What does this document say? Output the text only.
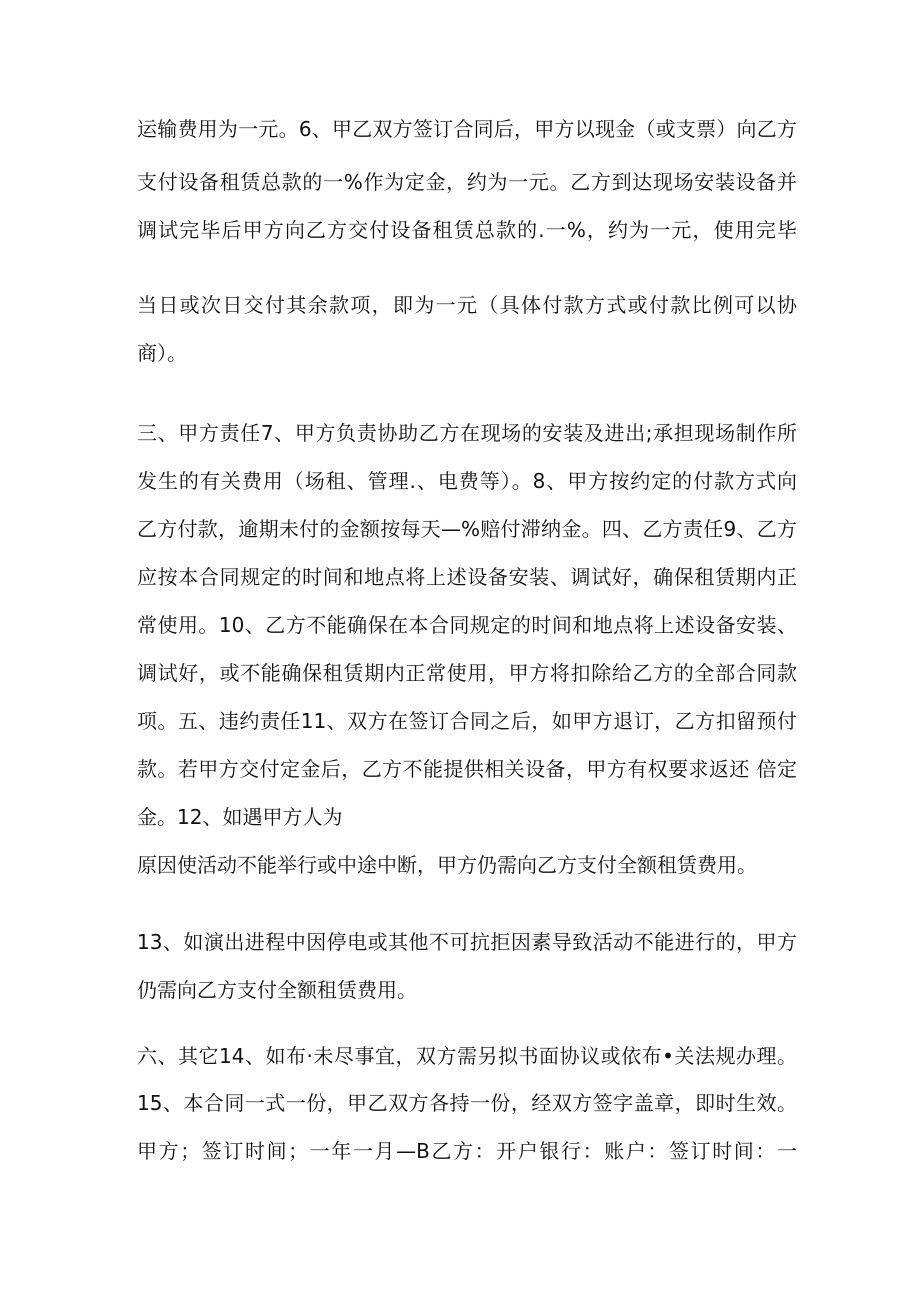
运输费用为一元。6、甲乙双方签订合同后，甲方以现金（或支票）向乙方
支付设备租赁总款的一%作为定金，约为一元。乙方到达现场安装设备并
调试完毕后甲方向乙方交付设备租赁总款的.一%，约为一元，使用完毕
当日或次日交付其余款项，即为一元（具体付款方式或付款比例可以协
商）。
三、甲方责任7、甲方负责协助乙方在现场的安装及进出;承担现场制作所
发生的有关费用（场租、管理.、电费等）。8、甲方按约定的付款方式向
乙方付款，逾期未付的金额按每天—%赔付滞纳金。四、乙方责任9、乙方
应按本合同规定的时间和地点将上述设备安装、调试好，确保租赁期内正
常使用。10、乙方不能确保在本合同规定的时间和地点将上述设备安装、
调试好，或不能确保租赁期内正常使用，甲方将扣除给乙方的全部合同款
项。五、违约责任11、双方在签订合同之后，如甲方退订，乙方扣留预付
款。若甲方交付定金后，乙方不能提供相关设备，甲方有权要求返还 倍定
金。12、如遇甲方人为
原因使活动不能举行或中途中断，甲方仍需向乙方支付全额租赁费用。
13、如演出进程中因停电或其他不可抗拒因素导致活动不能进行的，甲方
仍需向乙方支付全额租赁费用。
六、其它14、如布·未尽事宜，双方需另拟书面协议或依布•关法规办理。
15、本合同一式一份，甲乙双方各持一份，经双方签字盖章，即时生效。
甲方；签订时间；一年一月—B乙方：开户银行：账户：签订时间：一
